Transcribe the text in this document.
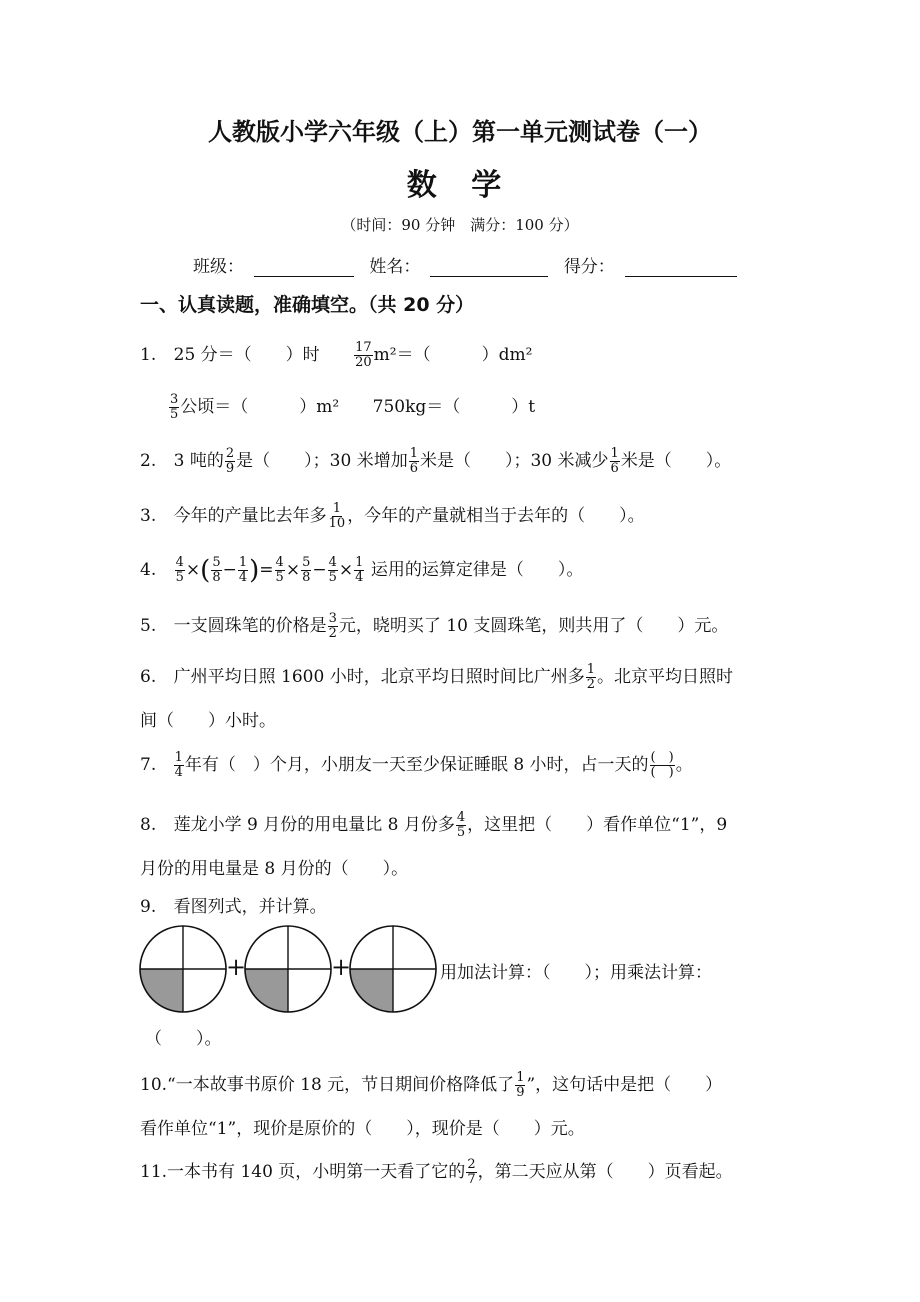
人教版小学六年级（上）第一单元测试卷（一）
数 学
（时间：90 分钟　满分：100 分）
班级：	姓名：	得分：
一、认真读题，准确填空。（共 20 分）
1. 25 分＝（　　）时	$\frac{17}{20} m^2=$（　　　）dm²
$\frac{3}{5}$ 公顷＝（　　　）m² 750kg＝（　　　）t
2. 3 吨的 $\frac{2}{9}$ 是（　　）；30 米增加 $\frac{1}{6}$ 米是（　　）；30 米减少 $\frac{1}{6}$ 米是（　　）。
3. 今年的产量比去年多 $\frac{1}{10}$ ，今年的产量就相当于去年的（　　）。
4. $\frac{4}{5}$ ×( $\frac{5}{8} - \frac{1}{4}$ )= $\frac{4}{5} \times \frac{5}{8} - \frac{4}{5} \times \frac{1}{4}$ 运用的运算定律是（　　）。
5. 一支圆珠笔的价格是 $\frac{3}{2}$ 元，晓明买了 10 支圆珠笔，则共用了（　　）元。
6. 广州平均日照 1600 小时，北京平均日照时间比广州多 $\frac{1}{2}$ 。北京平均日照时
间（　　）小时。
7. $\frac{1}{4}$ 年有（　）个月，小朋友一天至少保证睡眠 8 小时，占一天的 $\frac{( )}{( )}$ 。
8. 莲龙小学 9 月份的用电量比 8 月份多 $\frac{4}{5}$ ，这里把（　　）看作单位“1”，9
月份的用电量是 8 月份的（　　）。
9. 看图列式，并计算。
+	+	用加法计算：（　　）；用乘法计算：
（　　）。
10.“一本故事书原价 18 元，节日期间价格降低了 $\frac{1}{9}$ ”，这句话中是把（　　）
看作单位“1”，现价是原价的（　　），现价是（　　）元。
11.一本书有 140 页，小明第一天看了它的 $\frac{2}{7}$ ，第二天应从第（　　）页看起。
